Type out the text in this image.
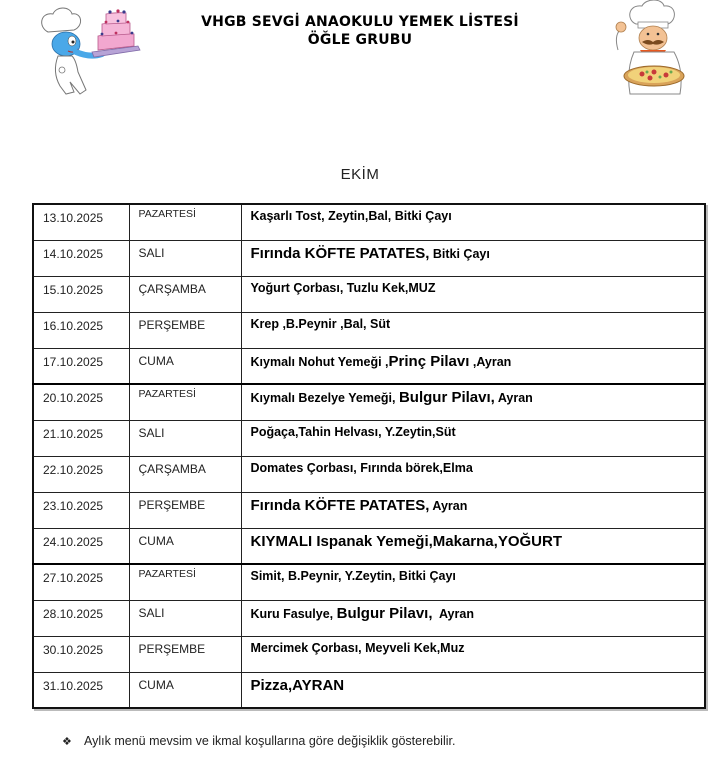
VHGB SEVGİ ANAOKULU YEMEK LİSTESİ
ÖĞLE GRUBU
EKİM
13.10.2025	PAZARTESİ	Kaşarlı Tost, Zeytin,Bal, Bitki Çayı
14.10.2025	SALI	Fırında KÖFTE PATATES, Bitki Çayı
15.10.2025	ÇARŞAMBA	Yoğurt Çorbası, Tuzlu Kek,MUZ
16.10.2025	PERŞEMBE	Krep ,B.Peynir ,Bal, Süt
17.10.2025	CUMA	Kıymalı Nohut Yemeği ,Prinç Pilavı ,Ayran
20.10.2025	PAZARTESİ	Kıymalı Bezelye Yemeği, Bulgur Pilavı, Ayran
21.10.2025	SALI	Poğaça,Tahin Helvası, Y.Zeytin,Süt
22.10.2025	ÇARŞAMBA	Domates Çorbası, Fırında börek,Elma
23.10.2025	PERŞEMBE	Fırında KÖFTE PATATES, Ayran
24.10.2025	CUMA	KIYMALI Ispanak Yemeği,Makarna,YOĞURT
27.10.2025	PAZARTESİ	Simit, B.Peynir, Y.Zeytin, Bitki Çayı
28.10.2025	SALI	Kuru Fasulye, Bulgur Pilavı,  Ayran
30.10.2025	PERŞEMBE	Mercimek Çorbası, Meyveli Kek,Muz
31.10.2025	CUMA	Pizza,AYRAN
❖ Aylık menü mevsim ve ikmal koşullarına göre değişiklik gösterebilir.
